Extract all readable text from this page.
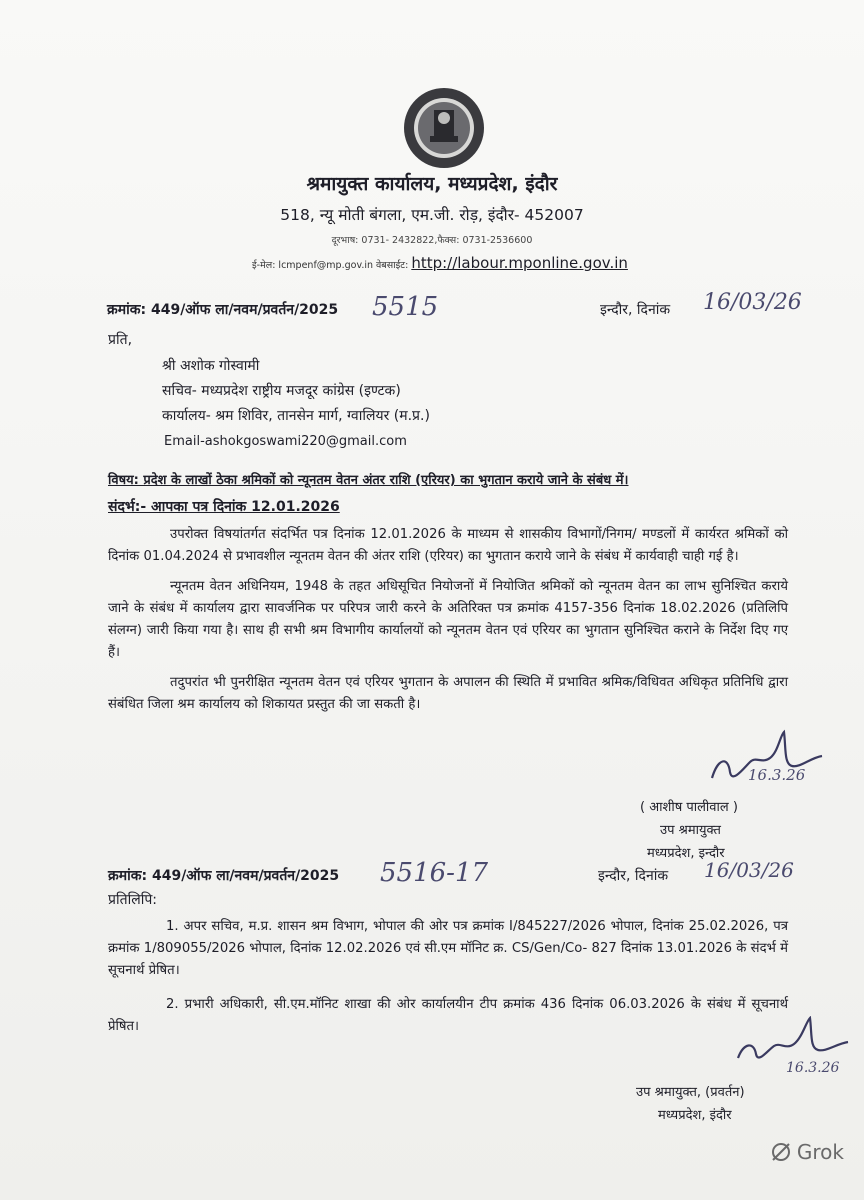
श्रमायुक्त कार्यालय, मध्यप्रदेश, इंदौर
518, न्यू मोती बंगला, एम.जी. रोड़, इंदौर- 452007
दूरभाष: 0731- 2432822,फैक्स: 0731-2536600
ई-मेल: lcmpenf@mp.gov.in वेबसाईट: http://labour.mponline.gov.in
क्रमांक: 449/ऑफ ला/नवम/प्रवर्तन/2025 5515	इन्दौर, दिनांक 16/03/26
प्रति,
श्री अशोक गोस्वामी
सचिव- मध्यप्रदेश राष्ट्रीय मजदूर कांग्रेस (इण्टक)
कार्यालय- श्रम शिविर, तानसेन मार्ग, ग्वालियर (म.प्र.)
Email-ashokgoswami220@gmail.com
विषय: प्रदेश के लाखों ठेका श्रमिकों को न्यूनतम वेतन अंतर राशि (एरियर) का भुगतान कराये जाने के संबंध में।
संदर्भ:- आपका पत्र दिनांक 12.01.2026

उपरोक्त विषयांतर्गत संदर्भित पत्र दिनांक 12.01.2026 के माध्यम से शासकीय विभागों/निगम/ मण्डलों में कार्यरत श्रमिकों को दिनांक 01.04.2024 से प्रभावशील न्यूनतम वेतन की अंतर राशि (एरियर) का भुगतान कराये जाने के संबंध में कार्यवाही चाही गई है।

न्यूनतम वेतन अधिनियम, 1948 के तहत अधिसूचित नियोजनों में नियोजित श्रमिकों को न्यूनतम वेतन का लाभ सुनिश्चित कराये जाने के संबंध में कार्यालय द्वारा सावर्जनिक पर परिपत्र जारी करने के अतिरिक्त पत्र क्रमांक 4157-356 दिनांक 18.02.2026 (प्रतिलिपि संलग्न) जारी किया गया है। साथ ही सभी श्रम विभागीय कार्यालयों को न्यूनतम वेतन एवं एरियर का भुगतान सुनिश्चित कराने के निर्देश दिए गए हैं।

तदुपरांत भी पुनरीक्षित न्यूनतम वेतन एवं एरियर भुगतान के अपालन की स्थिति में प्रभावित श्रमिक/विधिवत अधिकृत प्रतिनिधि द्वारा संबंधित जिला श्रम कार्यालय को शिकायत प्रस्तुत की जा सकती है।

16.3.26
( आशीष पालीवाल )
उप श्रमायुक्त
मध्यप्रदेश, इन्दौर
क्रमांक: 449/ऑफ ला/नवम/प्रवर्तन/2025 5516-17	इन्दौर, दिनांक 16/03/26
प्रतिलिपि:

1. अपर सचिव, म.प्र. शासन श्रम विभाग, भोपाल की ओर पत्र क्रमांक I/845227/2026 भोपाल, दिनांक 25.02.2026, पत्र क्रमांक 1/809055/2026 भोपाल, दिनांक 12.02.2026 एवं सी.एम मॉनिट क्र. CS/Gen/Co- 827 दिनांक 13.01.2026 के संदर्भ में सूचनार्थ प्रेषित।

2. प्रभारी अधिकारी, सी.एम.मॉनिट शाखा की ओर कार्यालयीन टीप क्रमांक 436 दिनांक 06.03.2026 के संबंध में सूचनार्थ प्रेषित।

16.3.26
उप श्रमायुक्त, (प्रवर्तन)
मध्यप्रदेश, इंदौर
Grok
